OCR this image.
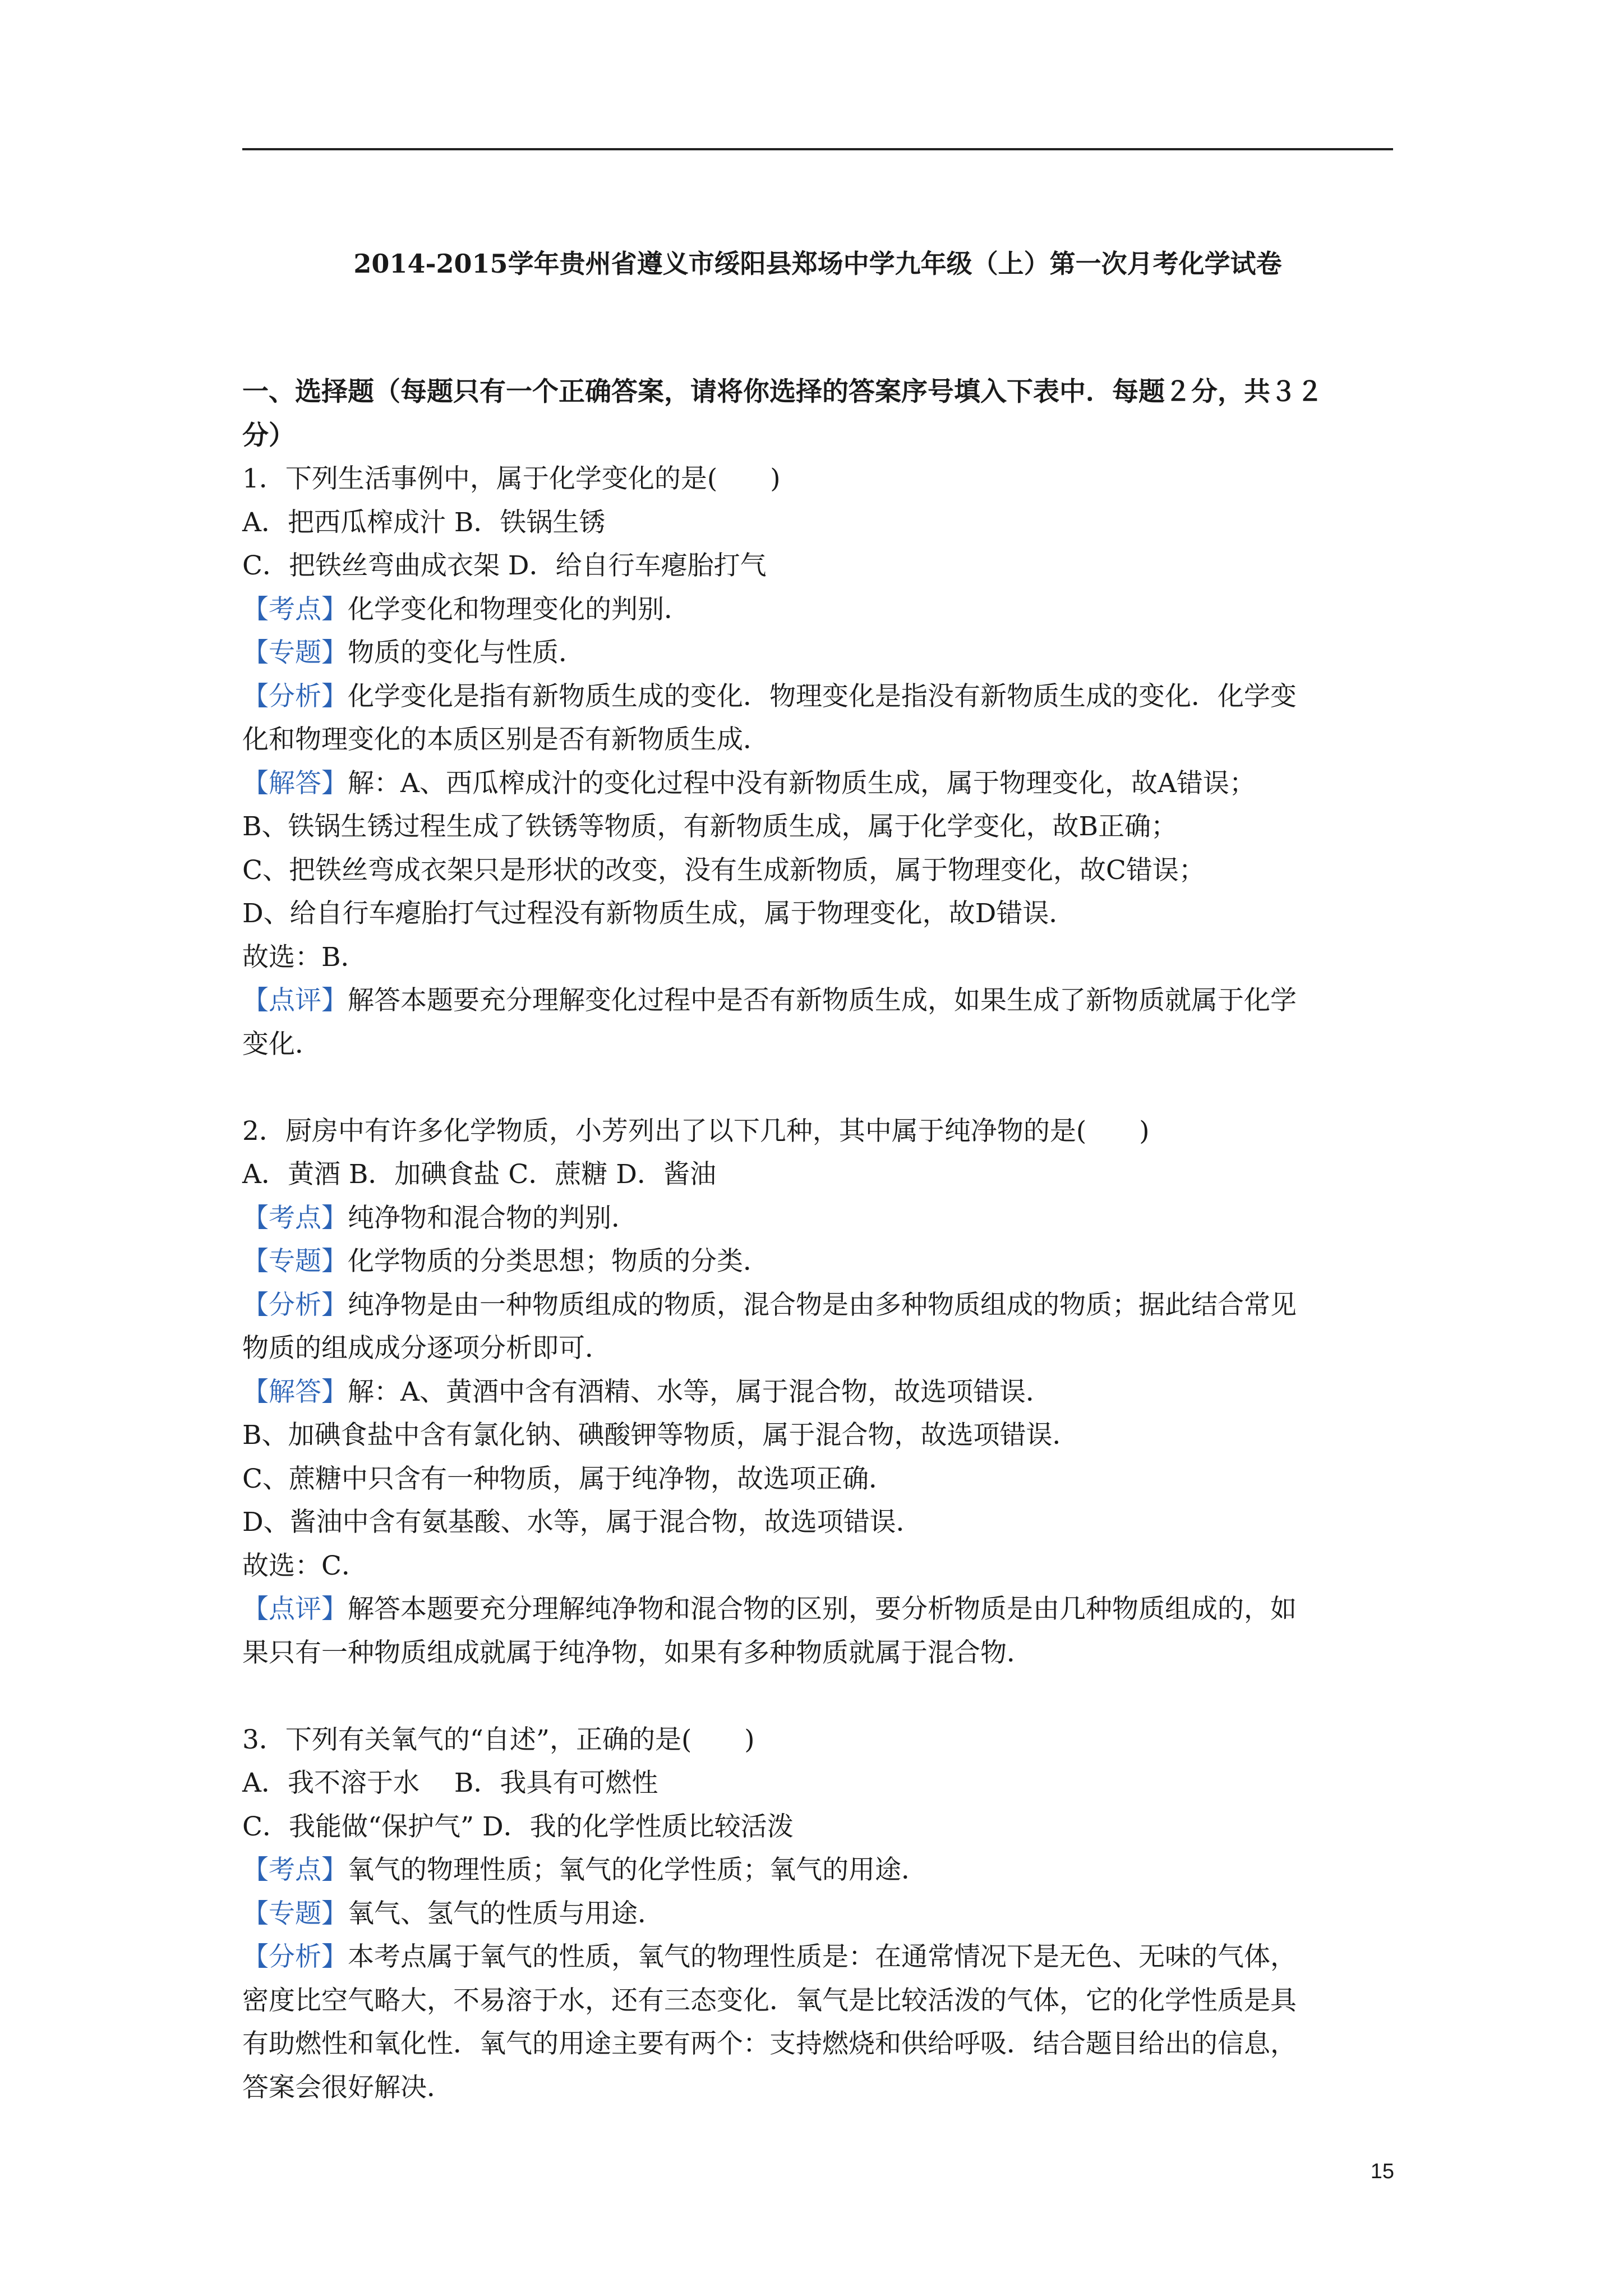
2014-2015学年贵州省遵义市绥阳县郑场中学九年级（上）第一次月考化学试卷
一、选择题（每题只有一个正确答案，请将你选择的答案序号填入下表中．每题２分，共３２
分）
1．下列生活事例中，属于化学变化的是(　　)
A．把西瓜榨成汁 B．铁锅生锈
C．把铁丝弯曲成衣架 D．给自行车瘪胎打气
【考点】化学变化和物理变化的判别．
【专题】物质的变化与性质．
【分析】化学变化是指有新物质生成的变化．物理变化是指没有新物质生成的变化．化学变
化和物理变化的本质区别是否有新物质生成．
【解答】解：A、西瓜榨成汁的变化过程中没有新物质生成，属于物理变化，故A错误；
B、铁锅生锈过程生成了铁锈等物质，有新物质生成，属于化学变化，故B正确；
C、把铁丝弯成衣架只是形状的改变，没有生成新物质，属于物理变化，故C错误；
D、给自行车瘪胎打气过程没有新物质生成，属于物理变化，故D错误．
故选：B．
【点评】解答本题要充分理解变化过程中是否有新物质生成，如果生成了新物质就属于化学
变化．
2．厨房中有许多化学物质，小芳列出了以下几种，其中属于纯净物的是(　　)
A．黄酒 B．加碘食盐 C．蔗糖 D．酱油
【考点】纯净物和混合物的判别．
【专题】化学物质的分类思想；物质的分类．
【分析】纯净物是由一种物质组成的物质，混合物是由多种物质组成的物质；据此结合常见
物质的组成成分逐项分析即可．
【解答】解：A、黄酒中含有酒精、水等，属于混合物，故选项错误．
B、加碘食盐中含有氯化钠、碘酸钾等物质，属于混合物，故选项错误．
C、蔗糖中只含有一种物质，属于纯净物，故选项正确．
D、酱油中含有氨基酸、水等，属于混合物，故选项错误．
故选：C．
【点评】解答本题要充分理解纯净物和混合物的区别，要分析物质是由几种物质组成的，如
果只有一种物质组成就属于纯净物，如果有多种物质就属于混合物．
3．下列有关氧气的“自述”，正确的是(　　)
A．我不溶于水　 B．我具有可燃性
C．我能做“保护气” D．我的化学性质比较活泼
【考点】氧气的物理性质；氧气的化学性质；氧气的用途．
【专题】氧气、氢气的性质与用途．
【分析】本考点属于氧气的性质，氧气的物理性质是：在通常情况下是无色、无味的气体，
密度比空气略大，不易溶于水，还有三态变化．氧气是比较活泼的气体，它的化学性质是具
有助燃性和氧化性．氧气的用途主要有两个：支持燃烧和供给呼吸．结合题目给出的信息，
答案会很好解决．
15
